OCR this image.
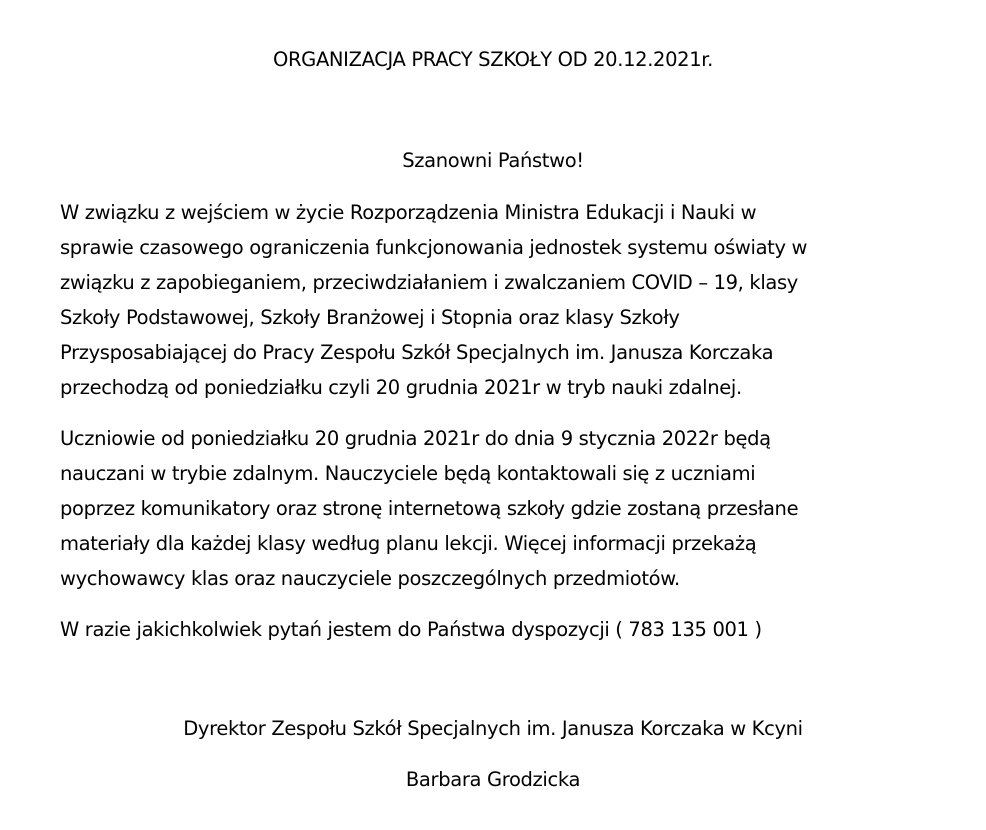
ORGANIZACJA PRACY SZKOŁY OD 20.12.2021r.
Szanowni Państwo!
W związku z wejściem w życie Rozporządzenia Ministra Edukacji i Nauki w
sprawie czasowego ograniczenia funkcjonowania jednostek systemu oświaty w
związku z zapobieganiem, przeciwdziałaniem i zwalczaniem COVID – 19, klasy
Szkoły Podstawowej, Szkoły Branżowej i Stopnia oraz klasy Szkoły
Przysposabiającej do Pracy Zespołu Szkół Specjalnych im. Janusza Korczaka
przechodzą od poniedziałku czyli 20 grudnia 2021r w tryb nauki zdalnej.
Uczniowie od poniedziałku 20 grudnia 2021r do dnia 9 stycznia 2022r będą
nauczani w trybie zdalnym. Nauczyciele będą kontaktowali się z uczniami
poprzez komunikatory oraz stronę internetową szkoły gdzie zostaną przesłane
materiały dla każdej klasy według planu lekcji. Więcej informacji przekażą
wychowawcy klas oraz nauczyciele poszczególnych przedmiotów.
W razie jakichkolwiek pytań jestem do Państwa dyspozycji ( 783 135 001 )
Dyrektor Zespołu Szkół Specjalnych im. Janusza Korczaka w Kcyni
Barbara Grodzicka
